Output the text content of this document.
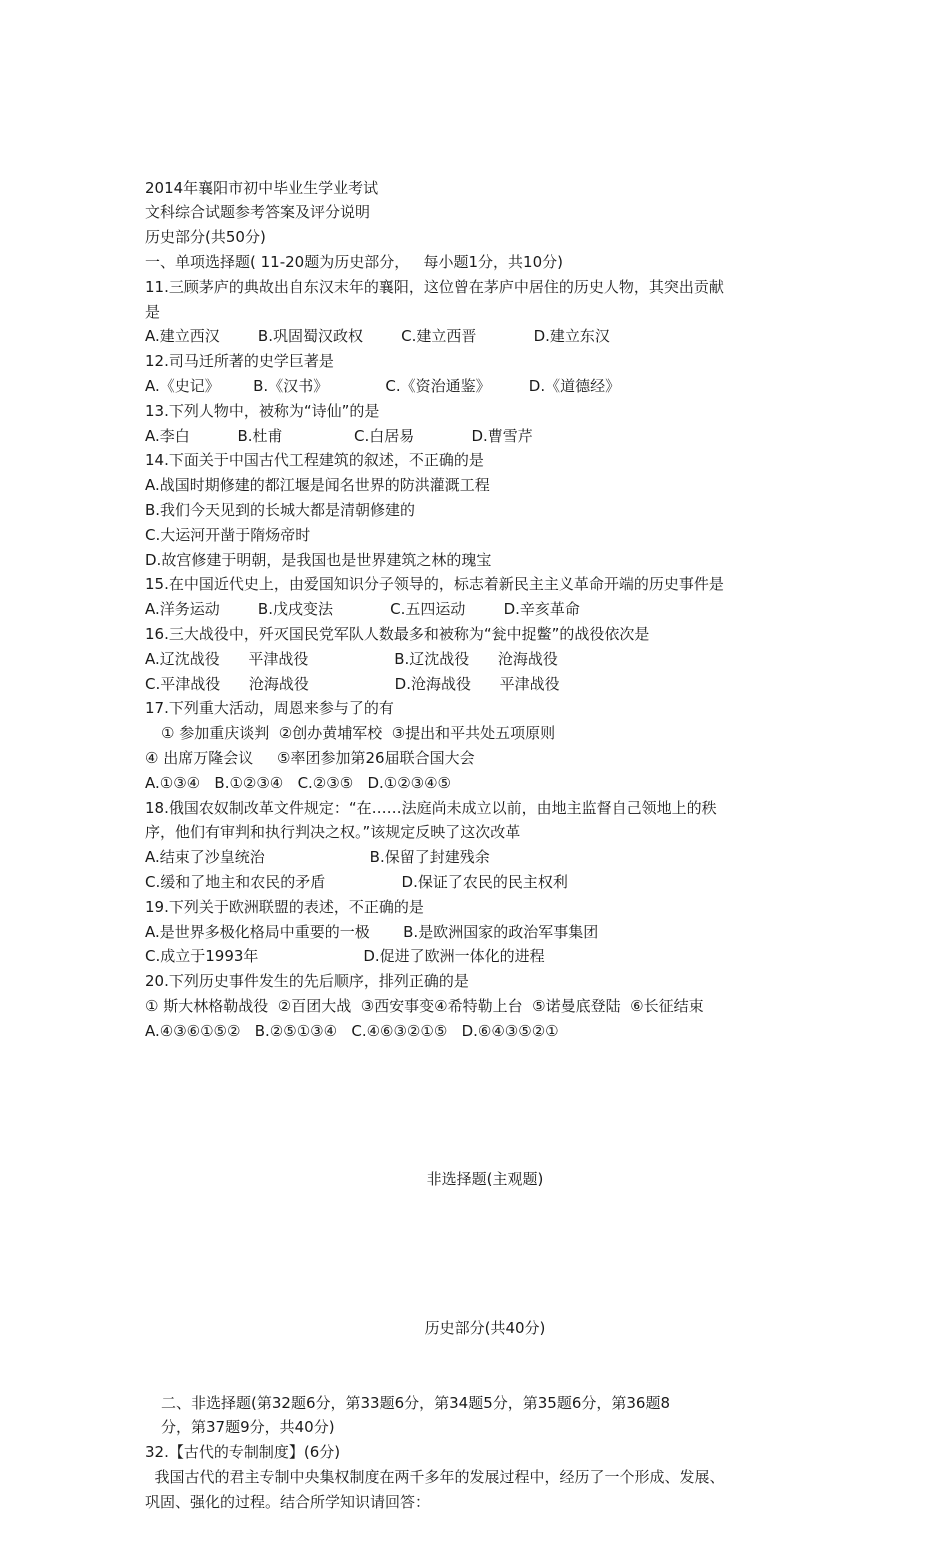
2014年襄阳市初中毕业生学业考试
文科综合试题参考答案及评分说明
历史部分(共50分)
一、单项选择题( 11-20题为历史部分，   每小题1分，共10分)
11.三顾茅庐的典故出自东汉末年的襄阳，这位曾在茅庐中居住的历史人物，其突出贡献
是
A.建立西汉        B.巩固蜀汉政权        C.建立西晋            D.建立东汉
12.司马迁所著的史学巨著是
A.《史记》       B.《汉书》            C.《资治通鉴》        D.《道德经》
13.下列人物中，被称为“诗仙”的是
A.李白          B.杜甫               C.白居易            D.曹雪芹
14.下面关于中国古代工程建筑的叙述，不正确的是
A.战国时期修建的都江堰是闻名世界的防洪灌溉工程
B.我们今天见到的长城大都是清朝修建的
C.大运河开凿于隋炀帝时
D.故宫修建于明朝，是我国也是世界建筑之林的瑰宝
15.在中国近代史上，由爱国知识分子领导的，标志着新民主主义革命开端的历史事件是
A.洋务运动        B.戊戌变法            C.五四运动        D.辛亥革命
16.三大战役中，歼灭国民党军队人数最多和被称为“瓮中捉鳖”的战役依次是
A.辽沈战役      平津战役                  B.辽沈战役      沧海战役
C.平津战役      沧海战役                  D.沧海战役      平津战役
17.下列重大活动，周恩来参与了的有
① 参加重庆谈判  ②创办黄埔军校  ③提出和平共处五项原则
④ 出席万隆会议     ⑤率团参加第26届联合国大会
A.①③④   B.①②③④   C.②③⑤   D.①②③④⑤
18.俄国农奴制改革文件规定：“在……法庭尚未成立以前，由地主监督自己领地上的秩
序，他们有审判和执行判决之权。”该规定反映了这次改革
A.结束了沙皇统治                      B.保留了封建残余
C.缓和了地主和农民的矛盾                D.保证了农民的民主权利
19.下列关于欧洲联盟的表述，不正确的是
A.是世界多极化格局中重要的一极       B.是欧洲国家的政治军事集团
C.成立于1993年                      D.促进了欧洲一体化的进程
20.下列历史事件发生的先后顺序，排列正确的是
① 斯大林格勒战役  ②百团大战  ③西安事变④希特勒上台  ⑤诺曼底登陆  ⑥长征结束
A.④③⑥①⑤②   B.②⑤①③④   C.④⑥③②①⑤   D.⑥④③⑤②①

非选择题(主观题)

历史部分(共40分)

二、非选择题(第32题6分，第33题6分，第34题5分，第35题6分，第36题8
分，第37题9分，共40分)
32.【古代的专制制度】(6分)
我国古代的君主专制中央集权制度在两千多年的发展过程中，经历了一个形成、发展、
巩固、强化的过程。结合所学知识请回答：
